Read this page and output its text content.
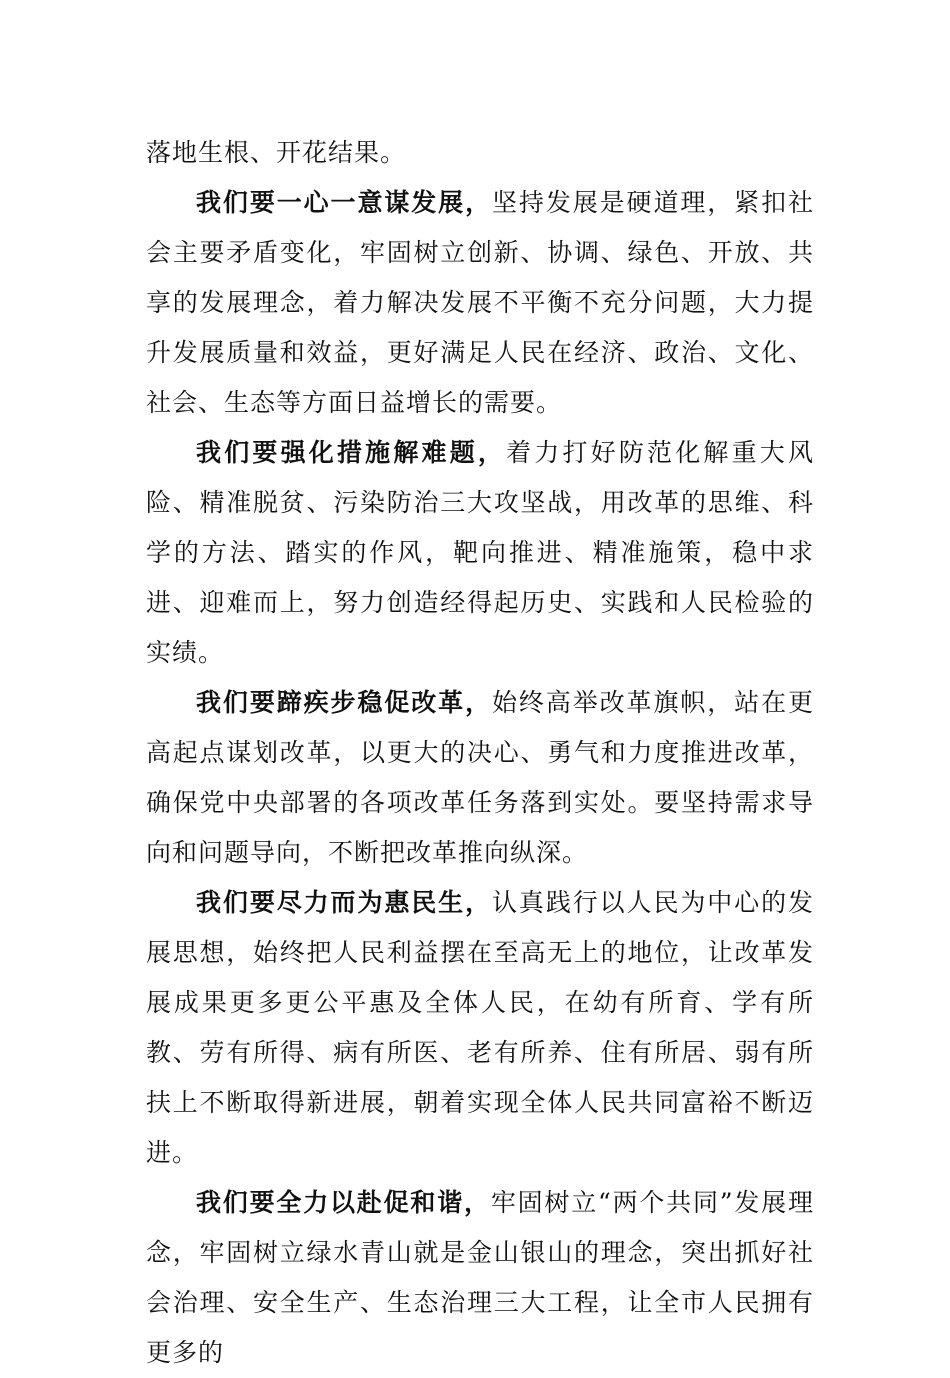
落地生根、开花结果。

我们要一心一意谋发展，坚持发展是硬道理，紧扣社会主要矛盾变化，牢固树立创新、协调、绿色、开放、共享的发展理念，着力解决发展不平衡不充分问题，大力提升发展质量和效益，更好满足人民在经济、政治、文化、社会、生态等方面日益增长的需要。

我们要强化措施解难题，着力打好防范化解重大风险、精准脱贫、污染防治三大攻坚战，用改革的思维、科学的方法、踏实的作风，靶向推进、精准施策，稳中求进、迎难而上，努力创造经得起历史、实践和人民检验的实绩。

我们要蹄疾步稳促改革，始终高举改革旗帜，站在更高起点谋划改革，以更大的决心、勇气和力度推进改革，确保党中央部署的各项改革任务落到实处。要坚持需求导向和问题导向，不断把改革推向纵深。

我们要尽力而为惠民生，认真践行以人民为中心的发展思想，始终把人民利益摆在至高无上的地位，让改革发展成果更多更公平惠及全体人民，在幼有所育、学有所教、劳有所得、病有所医、老有所养、住有所居、弱有所扶上不断取得新进展，朝着实现全体人民共同富裕不断迈进。

我们要全力以赴促和谐，牢固树立“两个共同”发展理念，牢固树立绿水青山就是金山银山的理念，突出抓好社会治理、安全生产、生态治理三大工程，让全市人民拥有更多的
